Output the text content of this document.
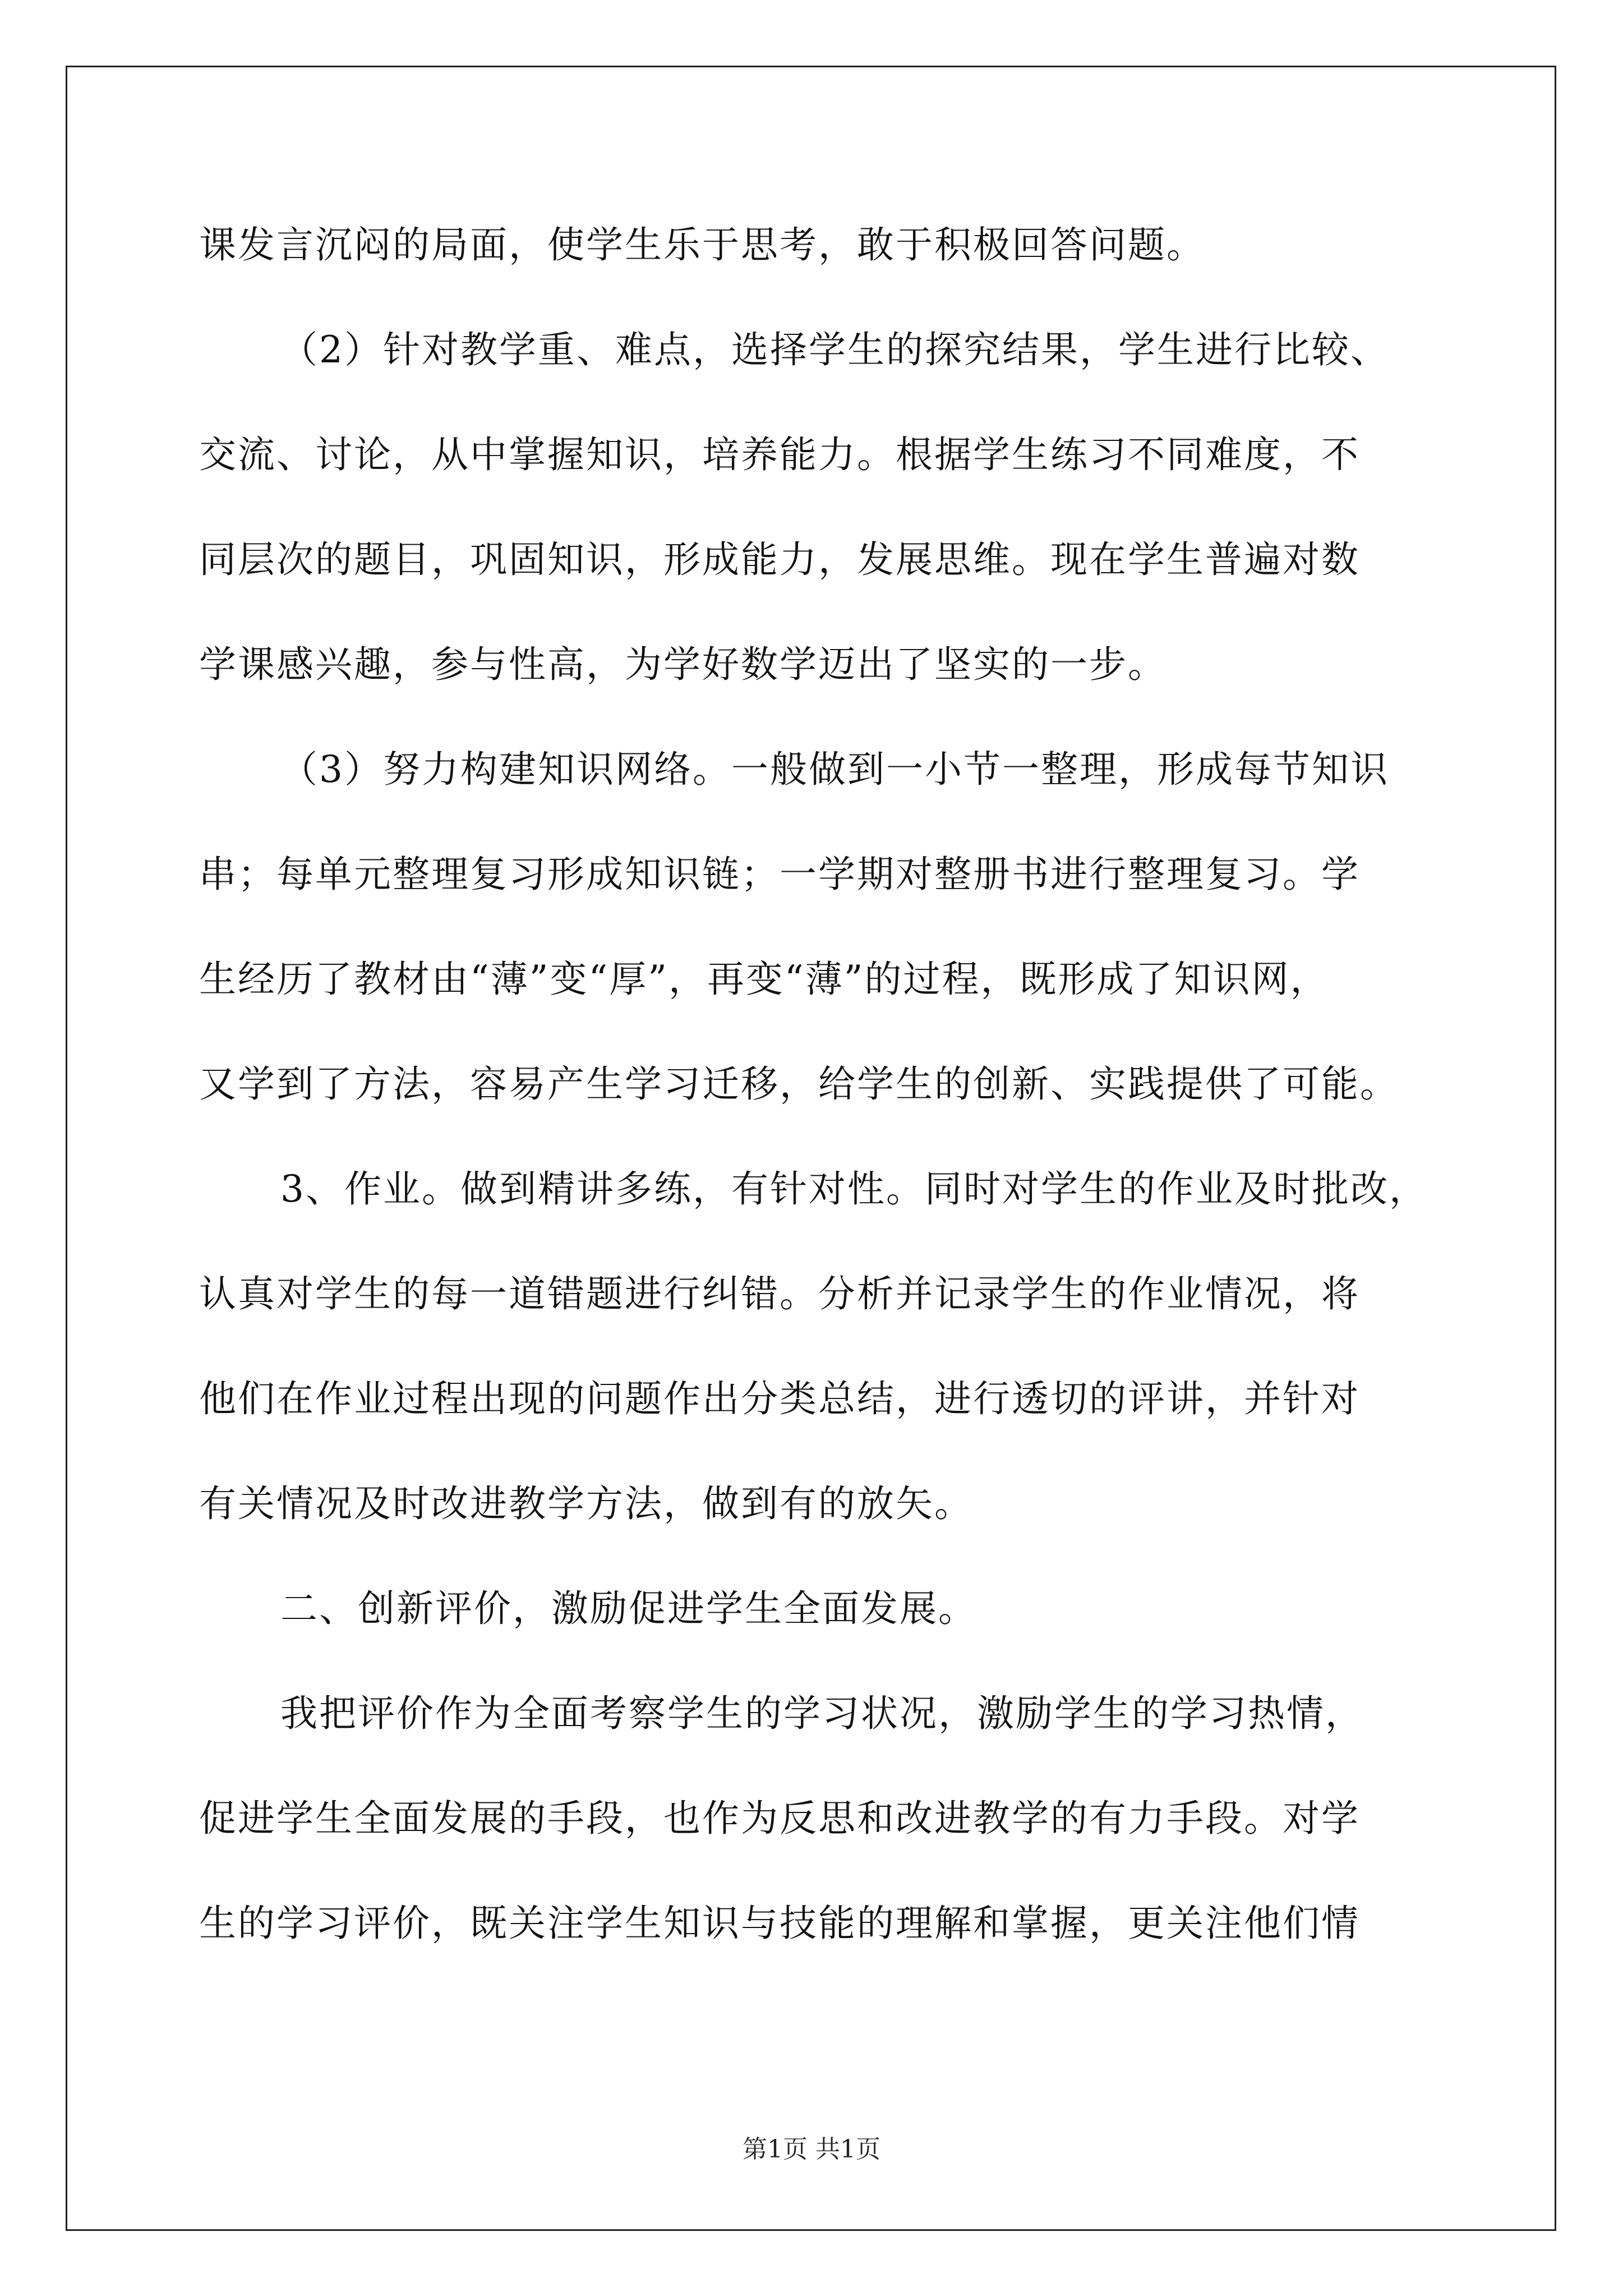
课发言沉闷的局面，使学生乐于思考，敢于积极回答问题。
（2）针对教学重、难点，选择学生的探究结果，学生进行比较、
交流、讨论，从中掌握知识，培养能力。根据学生练习不同难度，不
同层次的题目，巩固知识，形成能力，发展思维。现在学生普遍对数
学课感兴趣，参与性高，为学好数学迈出了坚实的一步。
（3）努力构建知识网络。一般做到一小节一整理，形成每节知识
串；每单元整理复习形成知识链；一学期对整册书进行整理复习。学
生经历了教材由“薄”变“厚”，再变“薄”的过程，既形成了知识网，
又学到了方法，容易产生学习迁移，给学生的创新、实践提供了可能。
3、作业。做到精讲多练，有针对性。同时对学生的作业及时批改，
认真对学生的每一道错题进行纠错。分析并记录学生的作业情况，将
他们在作业过程出现的问题作出分类总结，进行透切的评讲，并针对
有关情况及时改进教学方法，做到有的放矢。
二、创新评价，激励促进学生全面发展。
我把评价作为全面考察学生的学习状况，激励学生的学习热情，
促进学生全面发展的手段，也作为反思和改进教学的有力手段。对学
生的学习评价，既关注学生知识与技能的理解和掌握，更关注他们情
第1页 共1页
